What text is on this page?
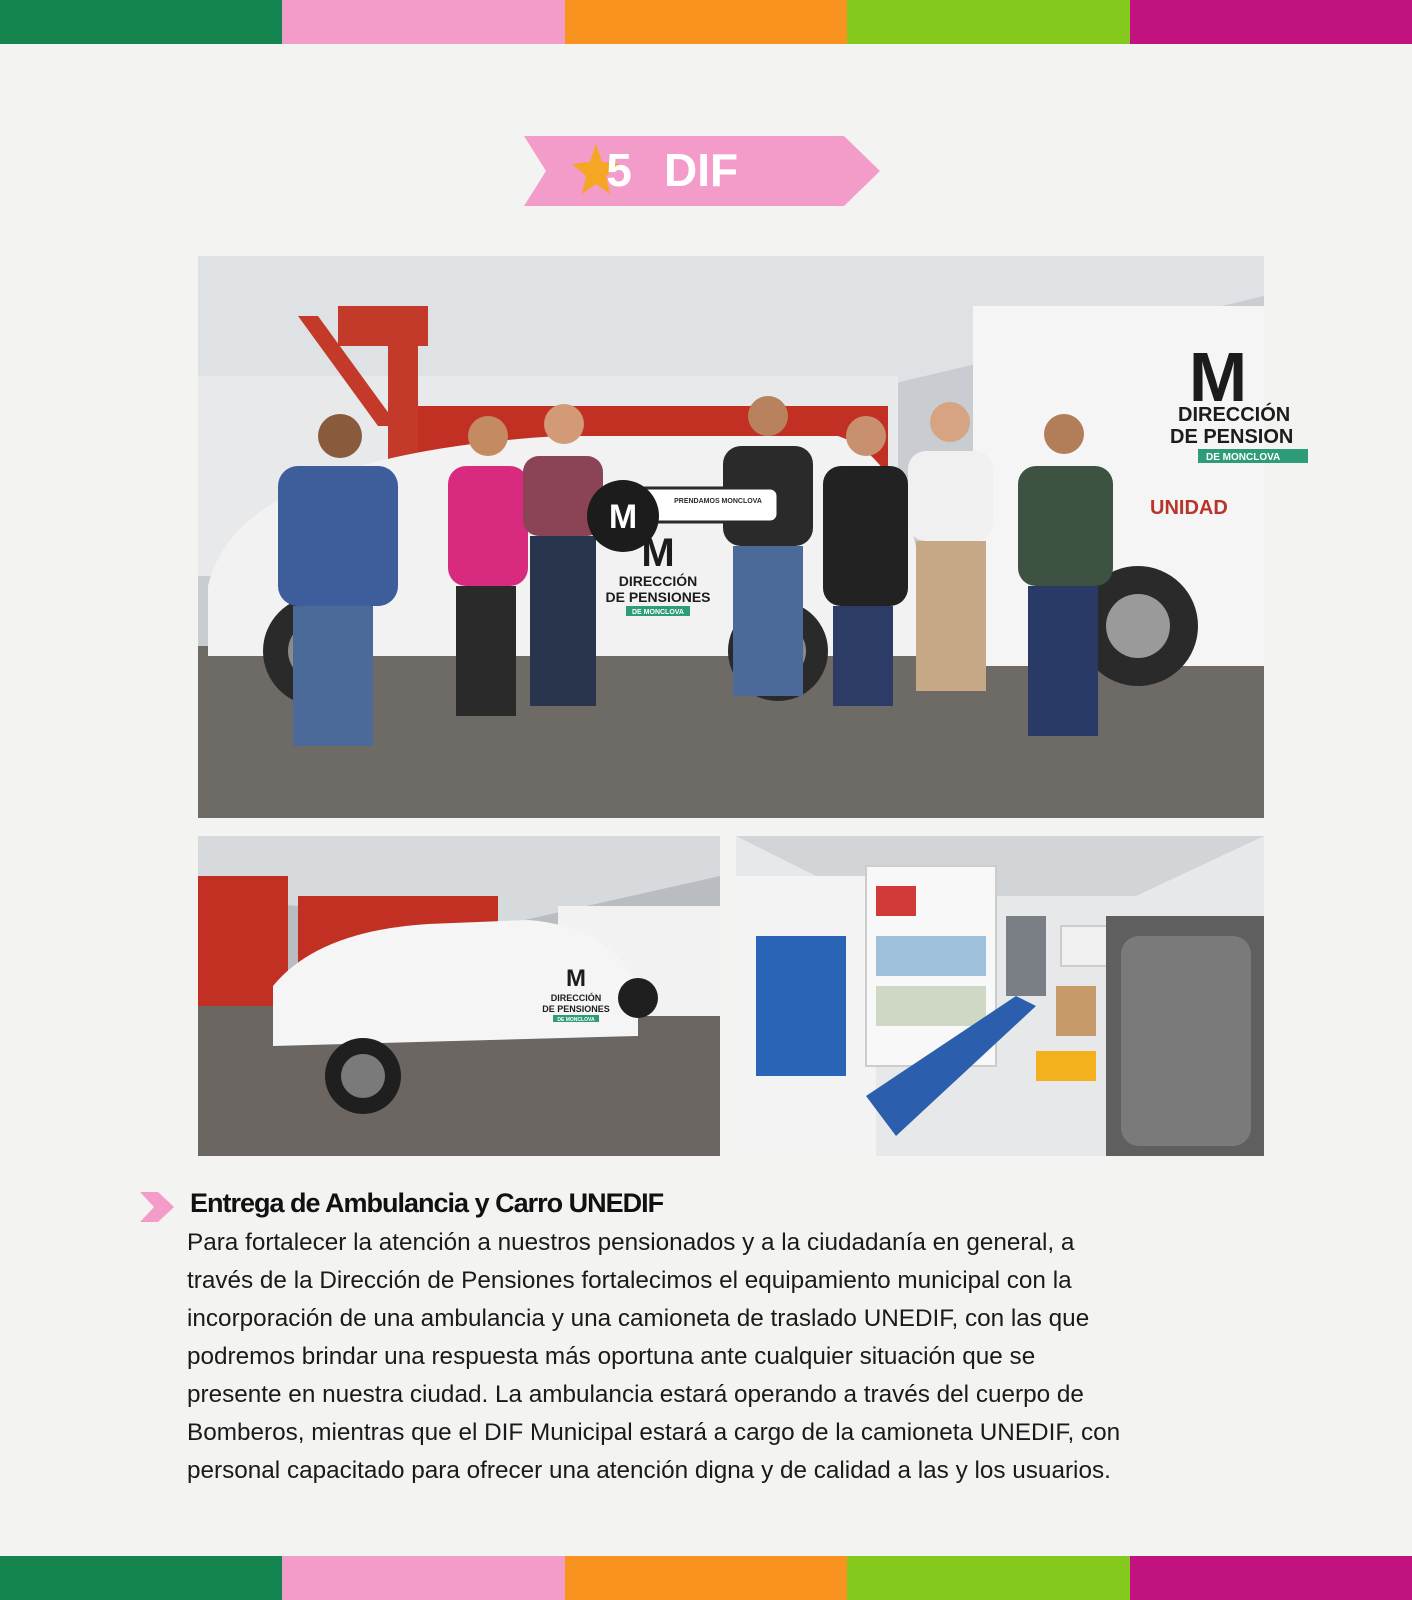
5 DIF
M
DIRECCIÓN
DE PENSION
DE MONCLOVA
UNIDAD
M	PRENDAMOS MONCLOVA
M
DIRECCIÓN
DE PENSIONES
DE MONCLOVA
M
DIRECCIÓN
DE PENSIONES
DE MONCLOVA
Entrega de Ambulancia y Carro UNEDIF
Para fortalecer la atención a nuestros pensionados y a la ciudadanía en general, a
través de la Dirección de Pensiones fortalecimos el equipamiento municipal con la
incorporación de una ambulancia y una camioneta de traslado UNEDIF, con las que
podremos brindar una respuesta más oportuna ante cualquier situación que se
presente en nuestra ciudad. La ambulancia estará operando a través del cuerpo de
Bomberos, mientras que el DIF Municipal estará a cargo de la camioneta UNEDIF, con
personal capacitado para ofrecer una atención digna y de calidad a las y los usuarios.
